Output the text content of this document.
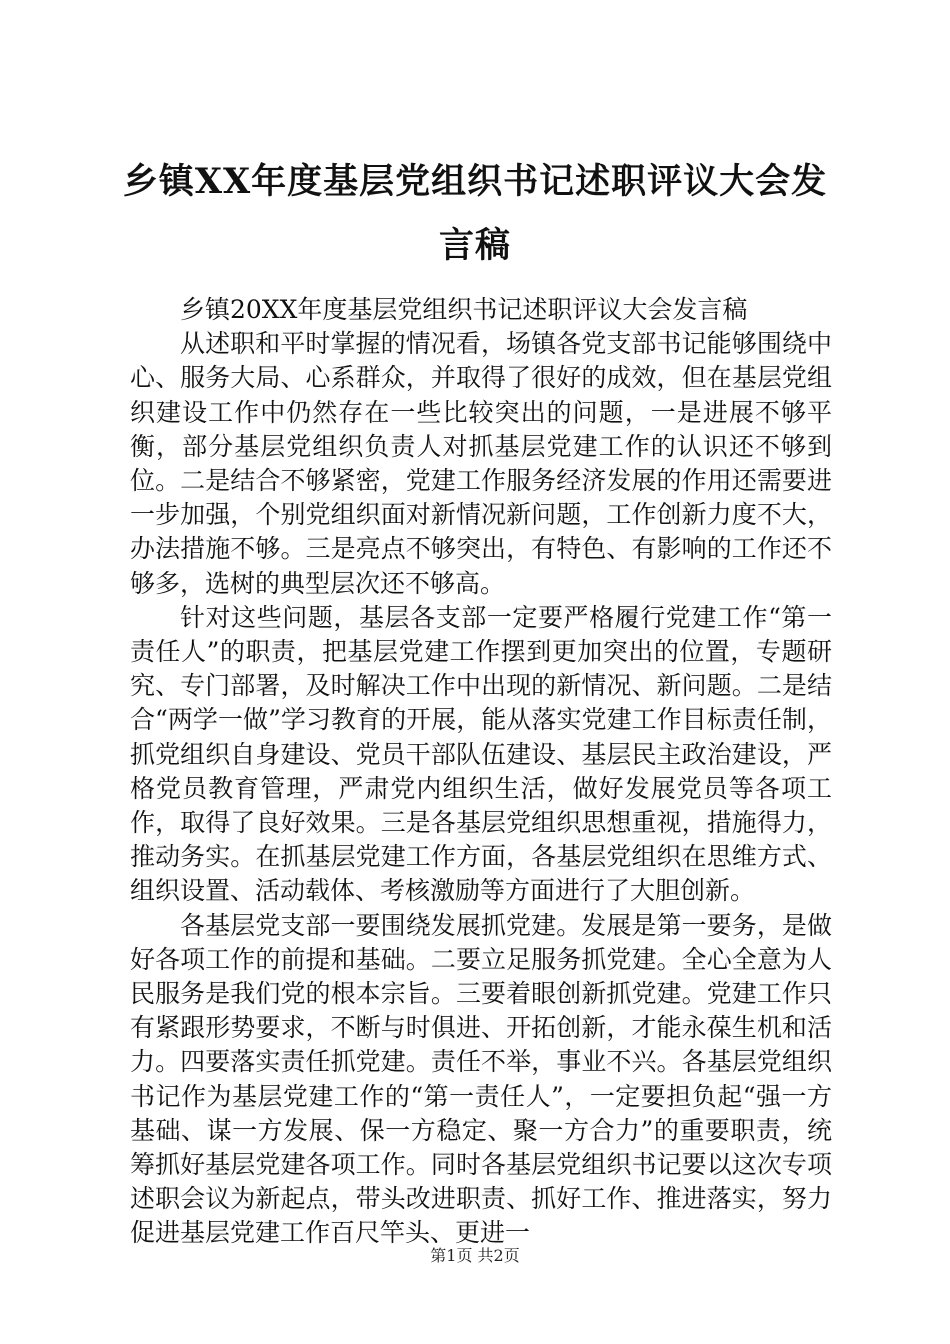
乡镇XX年度基层党组织书记述职评议大会发言稿

乡镇20XX年度基层党组织书记述职评议大会发言稿

从述职和平时掌握的情况看，场镇各党支部书记能够围绕中心、服务大局、心系群众，并取得了很好的成效，但在基层党组织建设工作中仍然存在一些比较突出的问题，一是进展不够平衡，部分基层党组织负责人对抓基层党建工作的认识还不够到位。二是结合不够紧密，党建工作服务经济发展的作用还需要进一步加强，个别党组织面对新情况新问题，工作创新力度不大，办法措施不够。三是亮点不够突出，有特色、有影响的工作还不够多，选树的典型层次还不够高。

针对这些问题，基层各支部一定要严格履行党建工作“第一责任人”的职责，把基层党建工作摆到更加突出的位置，专题研究、专门部署，及时解决工作中出现的新情况、新问题。二是结合“两学一做”学习教育的开展，能从落实党建工作目标责任制，抓党组织自身建设、党员干部队伍建设、基层民主政治建设，严格党员教育管理，严肃党内组织生活，做好发展党员等各项工作，取得了良好效果。三是各基层党组织思想重视，措施得力，推动务实。在抓基层党建工作方面，各基层党组织在思维方式、组织设置、活动载体、考核激励等方面进行了大胆创新。

各基层党支部一要围绕发展抓党建。发展是第一要务，是做好各项工作的前提和基础。二要立足服务抓党建。全心全意为人民服务是我们党的根本宗旨。三要着眼创新抓党建。党建工作只有紧跟形势要求，不断与时俱进、开拓创新，才能永葆生机和活力。四要落实责任抓党建。责任不举，事业不兴。各基层党组织书记作为基层党建工作的“第一责任人”，一定要担负起“强一方基础、谋一方发展、保一方稳定、聚一方合力”的重要职责，统筹抓好基层党建各项工作。同时各基层党组织书记要以这次专项述职会议为新起点，带头改进职责、抓好工作、推进落实，努力促进基层党建工作百尺竿头、更进一

第1页 共2页
